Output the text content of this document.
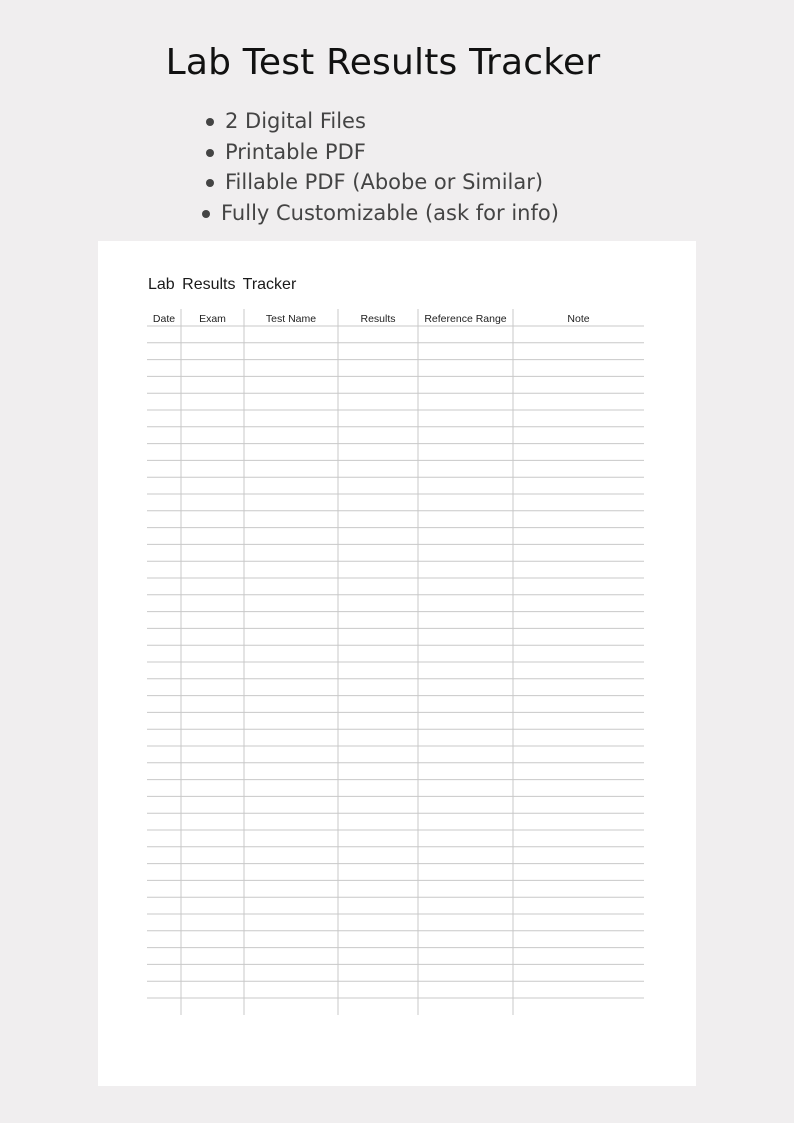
Lab Test Results Tracker
2 Digital Files
Printable PDF
Fillable PDF (Abobe or Similar)
Fully Customizable (ask for info)
Lab Results Tracker
Date	Exam	Test Name	Results	Reference Range	Note
